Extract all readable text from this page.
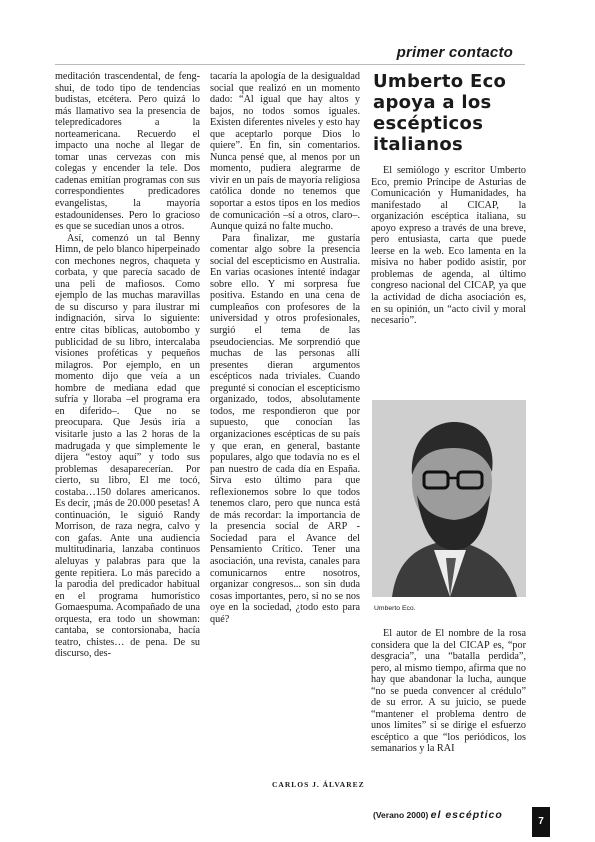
primer contacto

meditación trascendental, de feng-shui, de todo tipo de tendencias budistas, etcétera. Pero quizá lo más llamativo sea la presencia de telepredicadores a la norteamericana. Recuerdo el impacto una noche al llegar de tomar unas cervezas con mis colegas y encender la tele. Dos cadenas emitían programas con sus correspondientes predicadores evangelistas, la mayoría estadounidenses. Pero lo gracioso es que se sucedían unos a otros.

Así, comenzó un tal Benny Himn, de pelo blanco hiperpeinado con mechones negros, chaqueta y corbata, y que parecía sacado de una peli de mafiosos. Como ejemplo de las muchas maravillas de su discurso y para ilustrar mi indignación, sirva lo siguiente: entre citas bíblicas, autobombo y publicidad de su libro, intercalaba visiones proféticas y pequeños milagros. Por ejemplo, en un momento dijo que veía a un hombre de mediana edad que sufría y lloraba –el programa era en diferido–. Que no se preocupara. Que Jesús iría a visitarle justo a las 2 horas de la madrugada y que simplemente le dijera “estoy aquí” y todo sus problemas desaparecerían. Por cierto, su libro, El me tocó, costaba…150 dolares americanos. Es decir, ¡más de 20.000 pesetas! A continuación, le siguió Randy Morrison, de raza negra, calvo y con gafas. Ante una audiencia multitudinaria, lanzaba continuos aleluyas y palabras para que la gente repitiera. Lo más parecido a la parodia del predicador habitual en el programa humorístico Gomaespuma. Acompañado de una orquesta, era todo un showman: cantaba, se contorsionaba, hacía teatro, chistes… de pena. De su discurso, des-

tacaría la apología de la desigualdad social que realizó en un momento dado: “Al igual que hay altos y bajos, no todos somos iguales. Existen diferentes niveles y esto hay que aceptarlo porque Dios lo quiere”. En fin, sin comentarios. Nunca pensé que, al menos por un momento, pudiera alegrarme de vivir en un país de mayoría religiosa católica donde no tenemos que soportar a estos tipos en los medios de comunicación –sí a otros, claro–. Aunque quizá no falte mucho.

Para finalizar, me gustaría comentar algo sobre la presencia social del escepticismo en Australia. En varias ocasiones intenté indagar sobre ello. Y mi sorpresa fue positiva. Estando en una cena de cumpleaños con profesores de la universidad y otros profesionales, surgió el tema de las pseudociencias. Me sorprendió que muchas de las personas allí presentes dieran argumentos escépticos nada triviales. Cuando pregunté si conocían el escepticismo organizado, todos, absolutamente todos, me respondieron que por supuesto, que conocían las organizaciones escépticas de su país y que eran, en general, bastante populares, algo que todavía no es el pan nuestro de cada día en España. Sirva esto último para que reflexionemos sobre lo que todos tenemos claro, pero que nunca está de más recordar: la importancia de la presencia social de ARP - Sociedad para el Avance del Pensamiento Crítico. Tener una asociación, una revista, canales para comunicarnos entre nosotros, organizar congresos... son sin duda cosas importantes, pero, si no se nos oye en la sociedad, ¿todo esto para qué?

CARLOS J. ÁLVAREZ
Umberto Eco apoya a los escépticos italianos

El semiólogo y escritor Umberto Eco, premio Príncipe de Asturias de Comunicación y Humanidades, ha manifestado al CICAP, la organización escéptica italiana, su apoyo expreso a través de una breve, pero entusiasta, carta que puede leerse en la web. Eco lamenta en la misiva no haber podido asistir, por problemas de agenda, al último congreso nacional del CICAP, ya que la actividad de dicha asociación es, en su opinión, un “acto civil y moral necesario”.

Umberto Eco.

El autor de El nombre de la rosa considera que la del CICAP es, “por desgracia”, una “batalla perdida”, pero, al mismo tiempo, afirma que no hay que abandonar la lucha, aunque “no se pueda convencer al crédulo” de su error. A su juicio, se puede “mantener el problema dentro de unos límites” si se dirige el esfuerzo escéptico a que “los periódicos, los semanarios y la RAI

(Verano 2000) el escéptico
7
